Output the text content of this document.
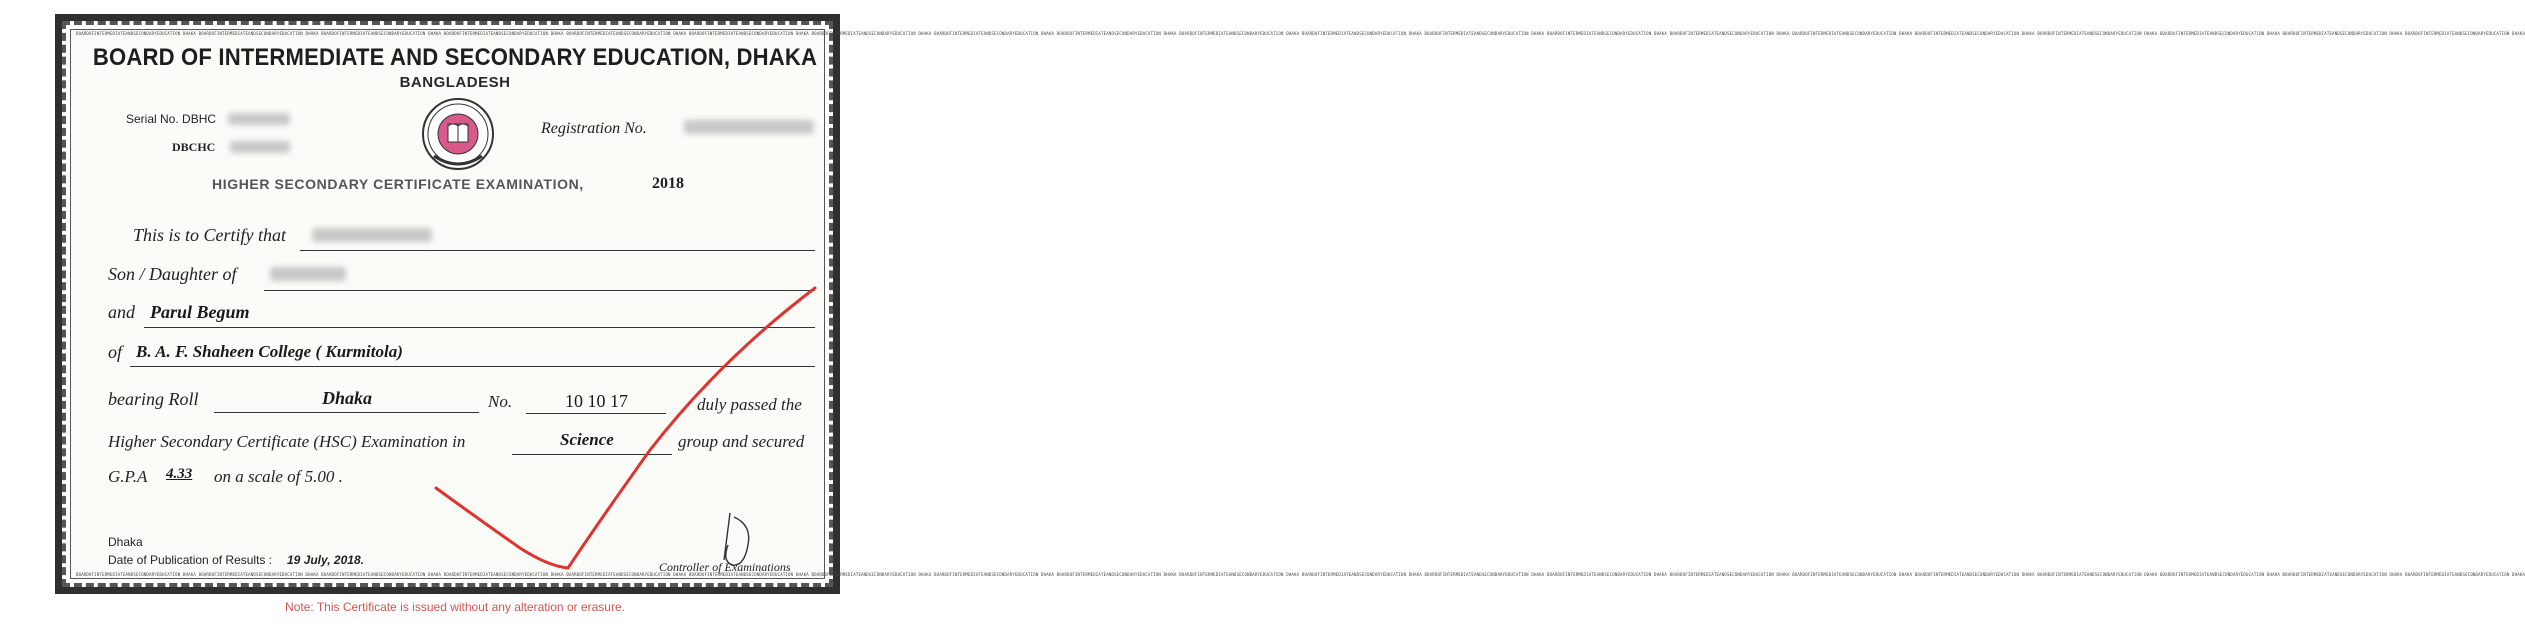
BOARDOFINTERMEDIATEANDSECONDARYEDUCATION DHAKA BOARDOFINTERMEDIATEANDSECONDARYEDUCATION DHAKA BOARDOFINTERMEDIATEANDSECONDARYEDUCATION DHAKA BOARDOFINTERMEDIATEANDSECONDARYEDUCATION DHAKA BOARDOFINTERMEDIATEANDSECONDARYEDUCATION DHAKA BOARDOFINTERMEDIATEANDSECONDARYEDUCATION DHAKA BOARDOFINTERMEDIATEANDSECONDARYEDUCATION DHAKA BOARDOFINTERMEDIATEANDSECONDARYEDUCATION DHAKA BOARDOFINTERMEDIATEANDSECONDARYEDUCATION DHAKA BOARDOFINTERMEDIATEANDSECONDARYEDUCATION DHAKA BOARDOFINTERMEDIATEANDSECONDARYEDUCATION DHAKA BOARDOFINTERMEDIATEANDSECONDARYEDUCATION DHAKA BOARDOFINTERMEDIATEANDSECONDARYEDUCATION DHAKA BOARDOFINTERMEDIATEANDSECONDARYEDUCATION DHAKA BOARDOFINTERMEDIATEANDSECONDARYEDUCATION DHAKA BOARDOFINTERMEDIATEANDSECONDARYEDUCATION DHAKA BOARDOFINTERMEDIATEANDSECONDARYEDUCATION DHAKA BOARDOFINTERMEDIATEANDSECONDARYEDUCATION DHAKA BOARDOFINTERMEDIATEANDSECONDARYEDUCATION DHAKA BOARDOFINTERMEDIATEANDSECONDARYEDUCATION DHAKA
BOARDOFINTERMEDIATEANDSECONDARYEDUCATION DHAKA BOARDOFINTERMEDIATEANDSECONDARYEDUCATION DHAKA BOARDOFINTERMEDIATEANDSECONDARYEDUCATION DHAKA BOARDOFINTERMEDIATEANDSECONDARYEDUCATION DHAKA BOARDOFINTERMEDIATEANDSECONDARYEDUCATION DHAKA BOARDOFINTERMEDIATEANDSECONDARYEDUCATION DHAKA BOARDOFINTERMEDIATEANDSECONDARYEDUCATION DHAKA BOARDOFINTERMEDIATEANDSECONDARYEDUCATION DHAKA BOARDOFINTERMEDIATEANDSECONDARYEDUCATION DHAKA BOARDOFINTERMEDIATEANDSECONDARYEDUCATION DHAKA BOARDOFINTERMEDIATEANDSECONDARYEDUCATION DHAKA BOARDOFINTERMEDIATEANDSECONDARYEDUCATION DHAKA BOARDOFINTERMEDIATEANDSECONDARYEDUCATION DHAKA BOARDOFINTERMEDIATEANDSECONDARYEDUCATION DHAKA BOARDOFINTERMEDIATEANDSECONDARYEDUCATION DHAKA BOARDOFINTERMEDIATEANDSECONDARYEDUCATION DHAKA BOARDOFINTERMEDIATEANDSECONDARYEDUCATION DHAKA BOARDOFINTERMEDIATEANDSECONDARYEDUCATION DHAKA BOARDOFINTERMEDIATEANDSECONDARYEDUCATION DHAKA BOARDOFINTERMEDIATEANDSECONDARYEDUCATION DHAKA
BOARD OF INTERMEDIATE AND SECONDARY EDUCATION, DHAKA
BANGLADESH
Serial No. DBHC
DBCHC
Registration No.
HIGHER SECONDARY CERTIFICATE EXAMINATION,	2018
This is to Certify that
Son / Daughter of
and Parul Begum
of B. A. F. Shaheen College ( Kurmitola)
bearing Roll	Dhaka	No.	10 10 17	duly passed the
Higher Secondary Certificate (HSC) Examination in	Science	group and secured
G.P.A 4.33 on a scale of 5.00 .
Dhaka
Date of Publication of Results : 19 July, 2018.	Controller of Examinations
Note: This Certificate is issued without any alteration or erasure.
